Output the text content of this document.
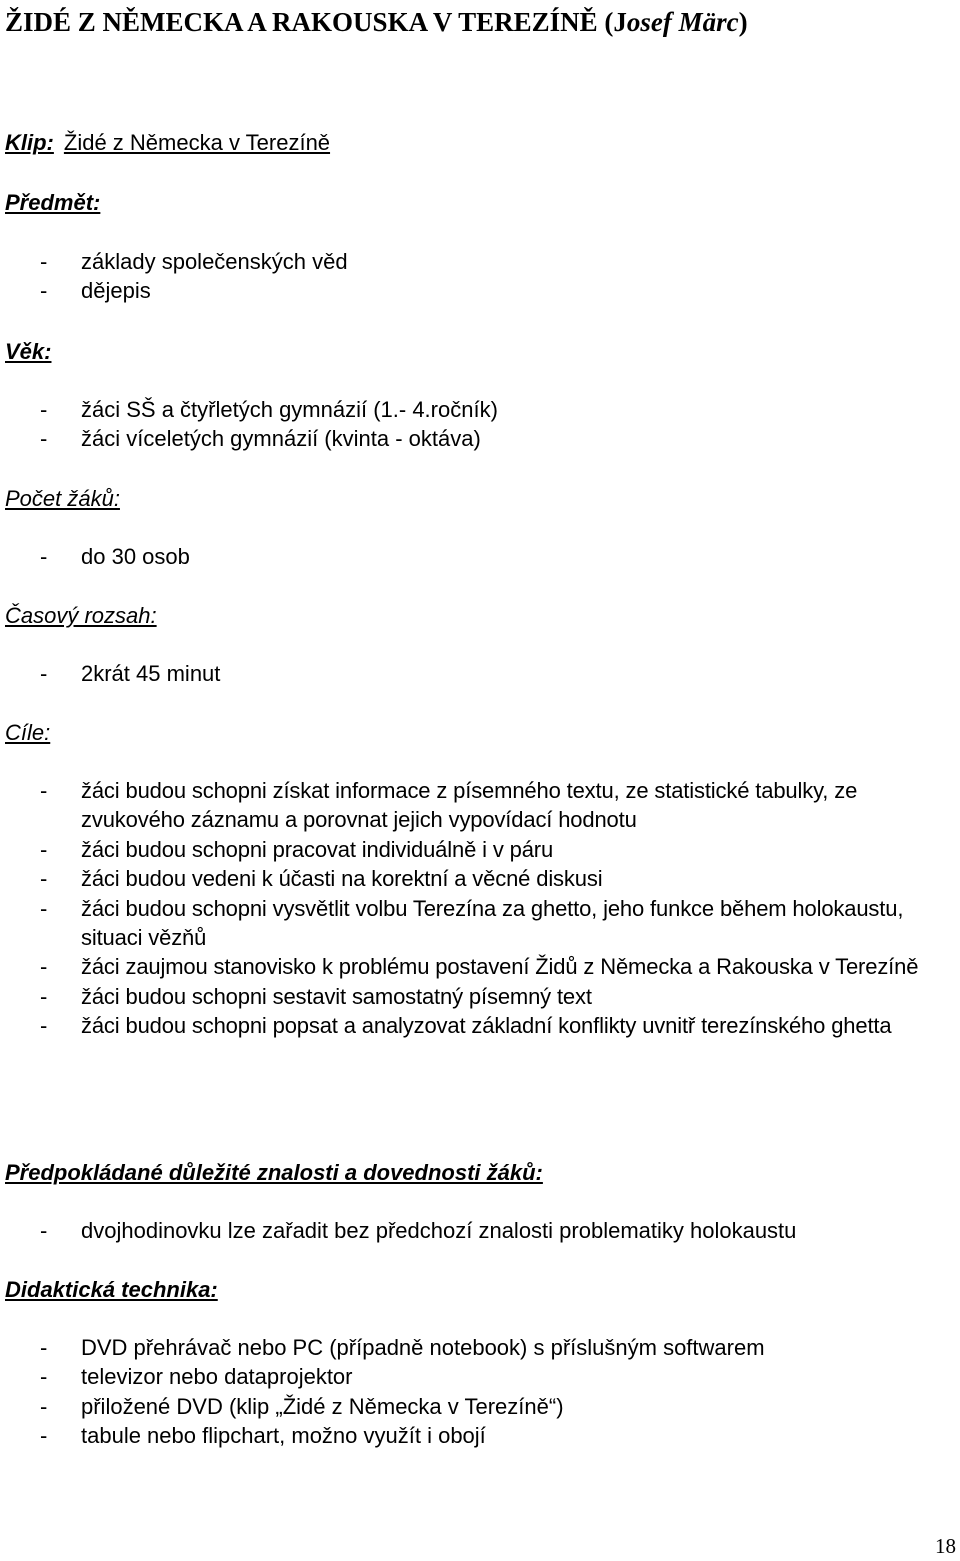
ŽIDÉ Z NĚMECKA A RAKOUSKA V TEREZÍNĚ (Josef Märc)
Klip: Židé z Německa v Terezíně
Předmět:
- základy společenských věd
- dějepis
Věk:
- žáci SŠ a čtyřletých gymnázií (1.- 4.ročník)
- žáci víceletých gymnázií (kvinta - oktáva)
Počet žáků:
- do 30 osob
Časový rozsah:
- 2krát 45 minut
Cíle:
- žáci budou schopni získat informace z písemného textu, ze statistické tabulky, ze zvukového záznamu a porovnat jejich vypovídací hodnotu
- žáci budou schopni pracovat individuálně i v páru
- žáci budou vedeni k účasti na korektní a věcné diskusi
- žáci budou schopni vysvětlit volbu Terezína za ghetto, jeho funkce během holokaustu, situaci vězňů
- žáci zaujmou stanovisko k problému postavení Židů z Německa a Rakouska v Terezíně
- žáci budou schopni sestavit samostatný písemný text
- žáci budou schopni popsat a analyzovat základní konflikty uvnitř terezínského ghetta
Předpokládané důležité znalosti a dovednosti žáků:
- dvojhodinovku lze zařadit bez předchozí znalosti problematiky holokaustu
Didaktická technika:
- DVD přehrávač nebo PC (případně notebook) s příslušným softwarem
- televizor nebo dataprojektor
- přiložené DVD (klip „Židé z Německa v Terezíně“)
- tabule nebo flipchart, možno využít i obojí
18
